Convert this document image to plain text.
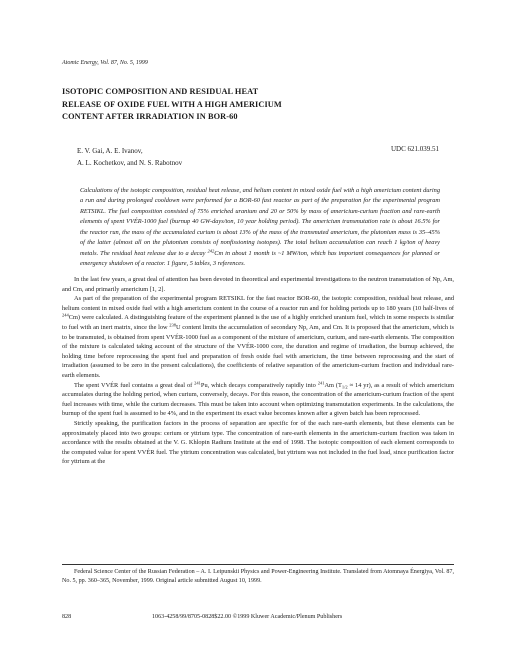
Atomic Energy, Vol. 87, No. 5, 1999
ISOTOPIC COMPOSITION AND RESIDUAL HEAT
RELEASE OF OXIDE FUEL WITH A HIGH AMERICIUM
CONTENT AFTER IRRADIATION IN BOR-60
E. V. Gai, A. E. Ivanov,
A. L. Kochetkov, and N. S. Rabotnov
UDC 621.039.51
Calculations of the isotopic composition, residual heat release, and helium content in mixed oxide fuel with a high americium content during a run and during prolonged cooldown were performed for a BOR-60 fast reactor as part of the preparation for the experimental program RETSIKL. The fuel composition consisted of 75% enriched uranium and 20 or 50% by mass of americium-curium fraction and rare-earth elements of spent VVÉR-1000 fuel (burnup 40 GW-days/ton, 10 year holding period). The americium transmutation rate is about 16.5% for the reactor run, the mass of the accumulated curium is about 13% of the mass of the transmuted americium, the plutonium mass is 35–45% of the latter (almost all on the plutonium consists of nonfissioning isotopes). The total helium accumulation can reach 1 kg/ton of heavy metals. The residual heat release due to a decay $^{242}$Cm in about 1 month is ~1 MW/ton, which has important consequences for planned or emergency shutdown of a reactor. 1 figure, 5 tables, 3 references.

In the last few years, a great deal of attention has been devoted in theoretical and experimental investigations to the neutron transmutation of Np, Am, and Cm, and primarily americium [1, 2].

As part of the preparation of the experimental program RETSIKL for the fast reactor BOR-60, the isotopic composition, residual heat release, and helium content in mixed oxide fuel with a high americium content in the course of a reactor run and for holding periods up to 180 years (10 half-lives of $^{244}$Cm) were calculated. A distinguishing feature of the experiment planned is the use of a highly enriched uranium fuel, which in some respects is similar to fuel with an inert matrix, since the low $^{238}$U content limits the accumulation of secondary Np, Am, and Cm. It is proposed that the americium, which is to be transmuted, is obtained from spent VVÉR-1000 fuel as a component of the mixture of americium, curium, and rare-earth elements. The composition of the mixture is calculated taking account of the structure of the VVÉR-1000 core, the duration and regime of irradiation, the burnup achieved, the holding time before reprocessing the spent fuel and preparation of fresh oxide fuel with americium, the time between reprocessing and the start of irradiation (assumed to be zero in the present calculations), the coefficients of relative separation of the americium-curium fraction and individual rare-earth elements.

The spent VVÉR fuel contains a great deal of $^{241}$Pu, which decays comparatively rapidly into $^{241}$Am ($T_{1/2} \approx 14$ yr), as a result of which americium accumulates during the holding period, when curium, conversely, decays. For this reason, the concentration of the americium-curium fraction of the spent fuel increases with time, while the curium decreases. This must be taken into account when optimizing transmutation experiments. In the calculations, the burnup of the spent fuel is assumed to be 4%, and in the experiment its exact value becomes known after a given batch has been reprocessed.

Strictly speaking, the purification factors in the process of separation are specific for of the each rare-earth elements, but these elements can be approximately placed into two groups: cerium or yttrium type. The concentration of rare-earth elements in the americium-curium fraction was taken in accordance with the results obtained at the V. G. Khlopin Radium Institute at the end of 1998. The isotopic composition of each element corresponds to the computed value for spent VVÉR fuel. The yttrium concentration was calculated, but yttrium was not included in the fuel load, since purification factor for yttrium at the

Federal Science Center of the Russian Federation – A. I. Leipunskii Physics and Power-Engineering Institute. Translated from Atomnaya Énergiya, Vol. 87, No. 5, pp. 360–365, November, 1999. Original article submitted August 10, 1999.
828	1063-4258/99/8705-0828$22.00 ©1999 Kluwer Academic/Plenum Publishers
